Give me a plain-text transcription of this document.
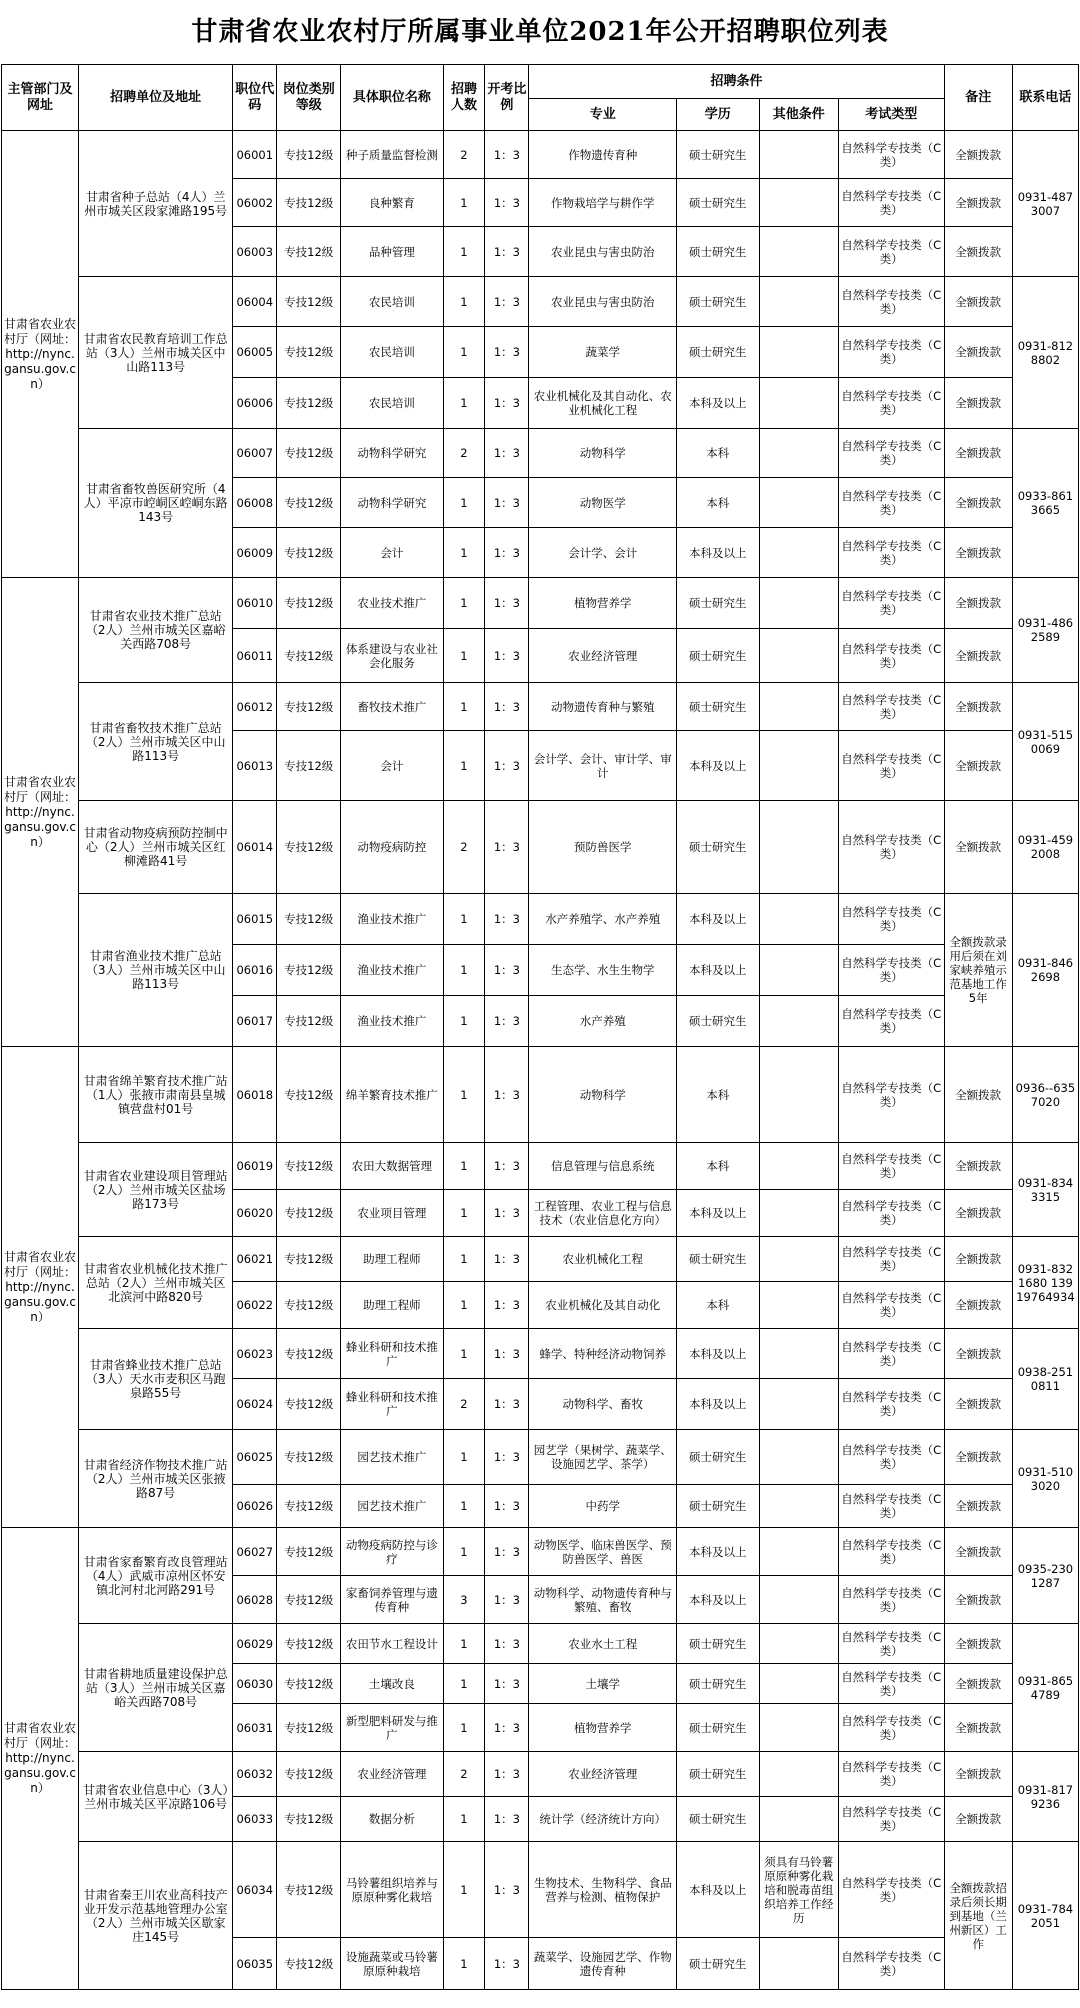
甘肃省农业农村厅所属事业单位2021年公开招聘职位列表
主管部门及网址	招聘单位及地址	职位代码	岗位类别等级	具体职位名称	招聘人数	开考比例	招聘条件				备注	联系电话
							专业	学历	其他条件	考试类型		
甘肃省农业农村厅（网址：http://nync.gansu.gov.cn）	甘肃省种子总站（4人）兰州市城关区段家滩路195号	06001	专技12级	种子质量监督检测	2	1：3	作物遗传育种	硕士研究生		自然科学专技类（C类）	全额拨款	0931-4873007
		06002	专技12级	良种繁育	1	1：3	作物栽培学与耕作学	硕士研究生		自然科学专技类（C类）	全额拨款	
		06003	专技12级	品种管理	1	1：3	农业昆虫与害虫防治	硕士研究生		自然科学专技类（C类）	全额拨款	
	甘肃省农民教育培训工作总站（3人）兰州市城关区中山路113号	06004	专技12级	农民培训	1	1：3	农业昆虫与害虫防治	硕士研究生		自然科学专技类（C类）	全额拨款	0931-8128802
		06005	专技12级	农民培训	1	1：3	蔬菜学	硕士研究生		自然科学专技类（C类）	全额拨款	
		06006	专技12级	农民培训	1	1：3	农业机械化及其自动化、农业机械化工程	本科及以上		自然科学专技类（C类）	全额拨款	
	甘肃省畜牧兽医研究所（4人）平凉市崆峒区崆峒东路143号	06007	专技12级	动物科学研究	2	1：3	动物科学	本科		自然科学专技类（C类）	全额拨款	0933-8613665
		06008	专技12级	动物科学研究	1	1：3	动物医学	本科		自然科学专技类（C类）	全额拨款	
		06009	专技12级	会计	1	1：3	会计学、会计	本科及以上		自然科学专技类（C类）	全额拨款	
甘肃省农业农村厅（网址：http://nync.gansu.gov.cn）	甘肃省农业技术推广总站（2人）兰州市城关区嘉峪关西路708号	06010	专技12级	农业技术推广	1	1：3	植物营养学	硕士研究生		自然科学专技类（C类）	全额拨款	0931-4862589
		06011	专技12级	体系建设与农业社会化服务	1	1：3	农业经济管理	硕士研究生		自然科学专技类（C类）	全额拨款	
	甘肃省畜牧技术推广总站（2人）兰州市城关区中山路113号	06012	专技12级	畜牧技术推广	1	1：3	动物遗传育种与繁殖	硕士研究生		自然科学专技类（C类）	全额拨款	0931-5150069
		06013	专技12级	会计	1	1：3	会计学、会计、审计学、审计	本科及以上		自然科学专技类（C类）	全额拨款	
	甘肃省动物疫病预防控制中心（2人）兰州市城关区红柳滩路41号	06014	专技12级	动物疫病防控	2	1：3	预防兽医学	硕士研究生		自然科学专技类（C类）	全额拨款	0931-4592008
	甘肃省渔业技术推广总站（3人）兰州市城关区中山路113号	06015	专技12级	渔业技术推广	1	1：3	水产养殖学、水产养殖	本科及以上		自然科学专技类（C类）	全额拨款录用后须在刘家峡养殖示范基地工作5年	0931-8462698
		06016	专技12级	渔业技术推广	1	1：3	生态学、水生生物学	本科及以上		自然科学专技类（C类）		
		06017	专技12级	渔业技术推广	1	1：3	水产养殖	硕士研究生		自然科学专技类（C类）		
甘肃省农业农村厅（网址：http://nync.gansu.gov.cn）	甘肃省绵羊繁育技术推广站（1人）张掖市肃南县皇城镇营盘村01号	06018	专技12级	绵羊繁育技术推广	1	1：3	动物科学	本科		自然科学专技类（C类）	全额拨款	0936--6357020
	甘肃省农业建设项目管理站（2人）兰州市城关区盐场路173号	06019	专技12级	农田大数据管理	1	1：3	信息管理与信息系统	本科		自然科学专技类（C类）	全额拨款	0931-8343315
		06020	专技12级	农业项目管理	1	1：3	工程管理、农业工程与信息技术（农业信息化方向）	本科及以上		自然科学专技类（C类）	全额拨款	
	甘肃省农业机械化技术推广总站（2人）兰州市城关区北滨河中路820号	06021	专技12级	助理工程师	1	1：3	农业机械化工程	硕士研究生		自然科学专技类（C类）	全额拨款	0931-8321680 13919764934
		06022	专技12级	助理工程师	1	1：3	农业机械化及其自动化	本科		自然科学专技类（C类）	全额拨款	
	甘肃省蜂业技术推广总站（3人）天水市麦积区马跑泉路55号	06023	专技12级	蜂业科研和技术推广	1	1：3	蜂学、特种经济动物饲养	本科及以上		自然科学专技类（C类）	全额拨款	0938-2510811
		06024	专技12级	蜂业科研和技术推广	2	1：3	动物科学、畜牧	本科及以上		自然科学专技类（C类）	全额拨款	
	甘肃省经济作物技术推广站（2人）兰州市城关区张掖路87号	06025	专技12级	园艺技术推广	1	1：3	园艺学（果树学、蔬菜学、设施园艺学、茶学）	硕士研究生		自然科学专技类（C类）	全额拨款	0931-5103020
		06026	专技12级	园艺技术推广	1	1：3	中药学	硕士研究生		自然科学专技类（C类）	全额拨款	
甘肃省农业农村厅（网址：http://nync.gansu.gov.cn）	甘肃省家畜繁育改良管理站（4人）武威市凉州区怀安镇北河村北河路291号	06027	专技12级	动物疫病防控与诊疗	1	1：3	动物医学、临床兽医学、预防兽医学、兽医	本科及以上		自然科学专技类（C类）	全额拨款	0935-2301287
		06028	专技12级	家畜饲养管理与遗传育种	3	1：3	动物科学、动物遗传育种与繁殖、畜牧	本科及以上		自然科学专技类（C类）	全额拨款	
	甘肃省耕地质量建设保护总站（3人）兰州市城关区嘉峪关西路708号	06029	专技12级	农田节水工程设计	1	1：3	农业水土工程	硕士研究生		自然科学专技类（C类）	全额拨款	0931-8654789
		06030	专技12级	土壤改良	1	1：3	土壤学	硕士研究生		自然科学专技类（C类）	全额拨款	
		06031	专技12级	新型肥料研发与推广	1	1：3	植物营养学	硕士研究生		自然科学专技类（C类）	全额拨款	
	甘肃省农业信息中心（3人）兰州市城关区平凉路106号	06032	专技12级	农业经济管理	2	1：3	农业经济管理	硕士研究生		自然科学专技类（C类）	全额拨款	0931-8179236
		06033	专技12级	数据分析	1	1：3	统计学（经济统计方向）	硕士研究生		自然科学专技类（C类）	全额拨款	
	甘肃省秦王川农业高科技产业开发示范基地管理办公室（2人）兰州市城关区歇家庄145号	06034	专技12级	马铃薯组织培养与原原种雾化栽培	1	1：3	生物技术、生物科学、食品营养与检测、植物保护	本科及以上	须具有马铃薯原原种雾化栽培和脱毒苗组织培养工作经历	自然科学专技类（C类）	全额拨款招录后须长期到基地（兰州新区）工作	0931-7842051
		06035	专技12级	设施蔬菜或马铃薯原原种栽培	1	1：3	蔬菜学、设施园艺学、作物遗传育种	硕士研究生		自然科学专技类（C类）		
